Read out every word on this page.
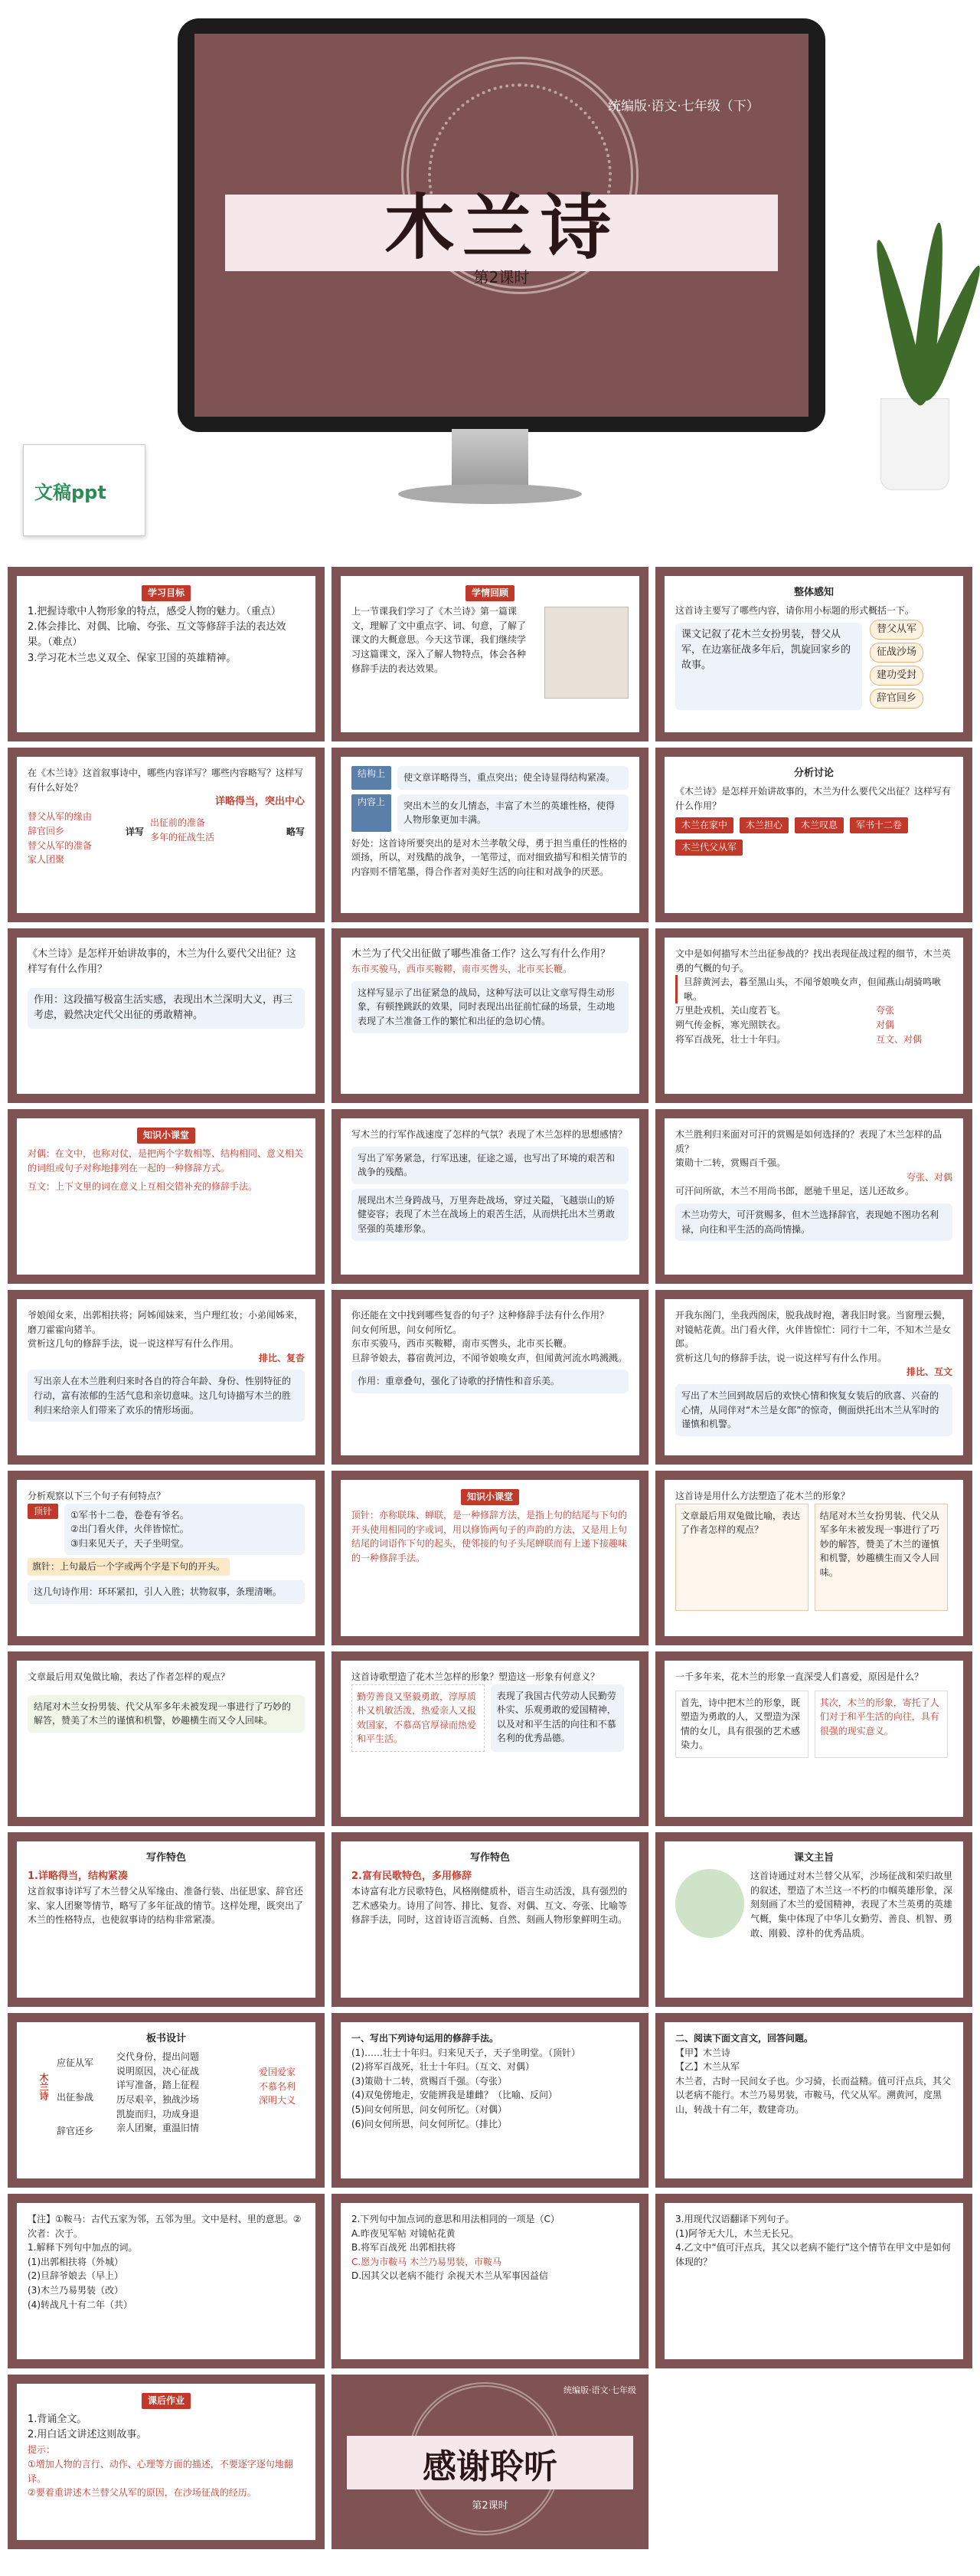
统编版·语文·七年级（下）
木兰诗
第2课时
文稿ppt
学习目标

1.把握诗歌中人物形象的特点，感受人物的魅力。（重点）

2.体会排比、对偶、比喻、夸张、互文等修辞手法的表达效果。（难点）

3.学习花木兰忠义双全、保家卫国的英雄精神。

学情回顾

上一节课我们学习了《木兰诗》第一篇课文，理解了文中重点字、词、句意，了解了课文的大概意思。今天这节课，我们继续学习这篇课文，深入了解人物特点，体会各种修辞手法的表达效果。

整体感知

这首诗主要写了哪些内容，请你用小标题的形式概括一下。

课文记叙了花木兰女扮男装，替父从军，在边塞征战多年后，凯旋回家乡的故事。
替父从军 征战沙场 建功受封 辞官回乡

在《木兰诗》这首叙事诗中，哪些内容详写？哪些内容略写？这样写有什么好处？

详略得当，突出中心

替父从军的缘由
辞官回乡
替父从军的准备
家人团聚
详写
出征前的准备
多年的征战生活	略写
结构上	使文章详略得当，重点突出；使全诗显得结构紧凑。
内容上	突出木兰的女儿情态，丰富了木兰的英雄性格，使得人物形象更加丰满。

好处：这首诗所要突出的是对木兰孝敬父母，勇于担当重任的性格的颂扬，所以，对残酷的战争，一笔带过，而对细致描写和相关情节的内容则不惜笔墨，得合作者对美好生活的向往和对战争的厌恶。

分析讨论

《木兰诗》是怎样开始讲故事的，木兰为什么要代父出征？这样写有什么作用？

木兰在家中	木兰担心	木兰叹息	军书十二卷
木兰代父从军

《木兰诗》是怎样开始讲故事的，木兰为什么要代父出征？这样写有什么作用？

作用：这段描写极富生活实感，表现出木兰深明大义，再三考虑，毅然决定代父出征的勇敢精神。

木兰为了代父出征做了哪些准备工作？这么写有什么作用？

东市买骏马，西市买鞍鞯，南市买辔头，北市买长鞭。

这样写显示了出征紧急的战局，这种写法可以让文章写得生动形象，有顿挫跳跃的效果，同时表现出出征前忙碌的场景，生动地表现了木兰准备工作的繁忙和出征的急切心情。

文中是如何描写木兰出征参战的？找出表现征战过程的细节，木兰英勇的气概的句子。

旦辞黄河去，暮至黑山头，不闻爷娘唤女声，但闻燕山胡骑鸣啾啾。

万里赴戎机，关山度若飞。

朔气传金柝，寒光照铁衣。

将军百战死，壮士十年归。

夸张
对偶
互文、对偶
知识小课堂

对偶：在文中，也称对仗，是把两个字数相等、结构相同、意义相关的词组或句子对称地排列在一起的一种修辞方式。

互文：上下文里的词在意义上互相交错补充的修辞手法。

写木兰的行军作战速度了怎样的气氛？表现了木兰怎样的思想感情？

写出了军务紧急，行军迅速，征途之遥，也写出了环境的艰苦和战争的残酷。
展现出木兰身跨战马，万里奔赴战场，穿过关隘，飞越崇山的矫健姿容；表现了木兰在战场上的艰苦生活，从而烘托出木兰勇敢坚强的英雄形象。

木兰胜利归来面对可汗的赏赐是如何选择的？表现了木兰怎样的品质？

策勋十二转，赏赐百千强。

夸张、对偶

可汗问所欲，木兰不用尚书郎，愿驰千里足，送儿还故乡。

木兰功劳大，可汗赏赐多，但木兰选择辞官，表现她不图功名利禄，向往和平生活的高尚情操。

爷娘闻女来，出郭相扶将；阿姊闻妹来，当户理红妆；小弟闻姊来，磨刀霍霍向猪羊。

赏析这几句的修辞手法，说一说这样写有什么作用。

排比、复沓

写出亲人在木兰胜利归来时各自的符合年龄、身份、性别特征的行动，富有浓郁的生活气息和亲切意味。这几句诗描写木兰的胜利归来给亲人们带来了欢乐的情形场面。

你还能在文中找到哪些复沓的句子？这种修辞手法有什么作用？

问女何所思，问女何所忆。

东市买骏马，西市买鞍鞯，南市买辔头，北市买长鞭。

旦辞爷娘去，暮宿黄河边，不闻爷娘唤女声，但闻黄河流水鸣溅溅。

作用：重章叠句，强化了诗歌的抒情性和音乐美。

开我东阁门，坐我西阁床，脱我战时袍，著我旧时裳。当窗理云鬓，对镜帖花黄。出门看火伴，火伴皆惊忙：同行十二年，不知木兰是女郎。

赏析这几句的修辞手法，说一说这样写有什么作用。

排比、互文

写出了木兰回到故居后的欢快心情和恢复女装后的欣喜、兴奋的心情，从同伴对“木兰是女郎”的惊奇，侧面烘托出木兰从军时的谨慎和机警。

分析观察以下三个句子有何特点？

顶针	①军书十二卷，卷卷有爷名。

②出门看火伴，火伴皆惊忙。

③归来见天子，天子坐明堂。

旗针：上句最后一个字或两个字是下句的开头。

这几句诗作用：环环紧扣，引人入胜；状物叙事，条理清晰。

知识小课堂

顶针：亦称联珠、蝉联，是一种修辞方法，是指上句的结尾与下句的开头使用相同的字或词，用以修饰两句子的声韵的方法，又是用上句结尾的词语作下句的起头，使邻接的句子头尾蝉联而有上递下接趣味的一种修辞手法。

这首诗是用什么方法塑造了花木兰的形象？

文章最后用双兔做比喻，表达了作者怎样的观点？
结尾对木兰女扮男装、代父从军多年未被发现一事进行了巧妙的解答，赞美了木兰的谨慎和机警，妙趣横生而又令人回味。

文章最后用双兔做比喻，表达了作者怎样的观点？

结尾对木兰女扮男装、代父从军多年未被发现一事进行了巧妙的解答，赞美了木兰的谨慎和机警，妙趣横生而又令人回味。

这首诗歌塑造了花木兰怎样的形象？塑造这一形象有何意义？

勤劳善良又坚毅勇敢，淳厚质朴又机敏活泼，热爱亲人又报效国家，不慕高官厚禄而热爱和平生活。
表现了我国古代劳动人民勤劳朴实、乐观勇敢的爱国精神，以及对和平生活的向往和不慕名利的优秀品德。

一千多年来，花木兰的形象一直深受人们喜爱，原因是什么？

首先，诗中把木兰的形象，既塑造为勇敢的人，又塑造为深情的女儿，具有很强的艺术感染力。
其次，木兰的形象，寄托了人们对于和平生活的向往，具有很强的现实意义。
写作特色

1.详略得当，结构紧凑

这首叙事诗详写了木兰替父从军缘由、准备行装、出征思家、辞官还家、家人团聚等情节，略写了多年征战的情节。这样处理，既突出了木兰的性格特点，也使叙事诗的结构非常紧凑。

写作特色

2.富有民歌特色，多用修辞

本诗富有北方民歌特色，风格刚健质朴，语言生动活泼，具有强烈的艺术感染力。诗用了问答、排比、复沓、对偶、互文、夸张、比喻等修辞手法，同时，这首诗语言流畅、自然、刻画人物形象鲜明生动。

课文主旨

这首诗通过对木兰替父从军，沙场征战和荣归故里的叙述，塑造了木兰这一不朽的巾帼英雄形象，深刻刻画了木兰的爱国精神，表现了木兰英勇的英雄气概，集中体现了中华儿女勤劳、善良、机智、勇敢、刚毅、淳朴的优秀品质。

板书设计
木兰诗
应征从军
出征参战
辞官还乡
交代身份，提出问题
说明原因，决心征战
详写准备，踏上征程
历尽艰辛，独战沙场
凯旋而归，功成身退
亲人团聚，重温旧情
爱国爱家
不慕名利
深明大义

一、写出下列诗句运用的修辞手法。

(1)……壮士十年归。归来见天子，天子坐明堂。（顶针）

(2)将军百战死，壮士十年归。（互文、对偶）

(3)策勋十二转，赏赐百千强。（夸张）

(4)双兔傍地走，安能辨我是雄雌？（比喻、反问）

(5)问女何所思，问女何所忆。（对偶）

(6)问女何所思，问女何所忆。（排比）

二、阅读下面文言文，回答问题。

【甲】木兰诗

【乙】木兰从军

木兰者，古时一民间女子也。少习骑，长而益精。值可汗点兵，其父以老病不能行。木兰乃易男装，市鞍马，代父从军。溯黄河，度黑山，转战十有二年，数建奇功。

【注】①鞍马：古代五家为邻，五邻为里。文中是村、里的意思。②次者：次于。

1.解释下列句中加点的词。

(1)出郭相扶将（外城）

(2)旦辞爷娘去（早上）

(3)木兰乃易男装（改）

(4)转战凡十有二年（共）

2.下列句中加点词的意思和用法相同的一项是（C）

A.昨夜见军帖 对镜帖花黄

B.将军百战死 出郭相扶将

C.愿为市鞍马 木兰乃易男装，市鞍马

D.因其父以老病不能行 余视天木兰从军事因益信

3.用现代汉语翻译下列句子。

(1)阿爷无大儿，木兰无长兄。

4.乙文中“值可汗点兵，其父以老病不能行”这个情节在甲文中是如何体现的？

课后作业

1.背诵全文。

2.用白话文讲述这则故事。

提示：

①增加人物的言行、动作、心理等方面的描述，不要逐字逐句地翻译。

②要着重讲述木兰替父从军的原因，在沙场征战的经历。

统编版·语文·七年级
感谢聆听
第2课时
